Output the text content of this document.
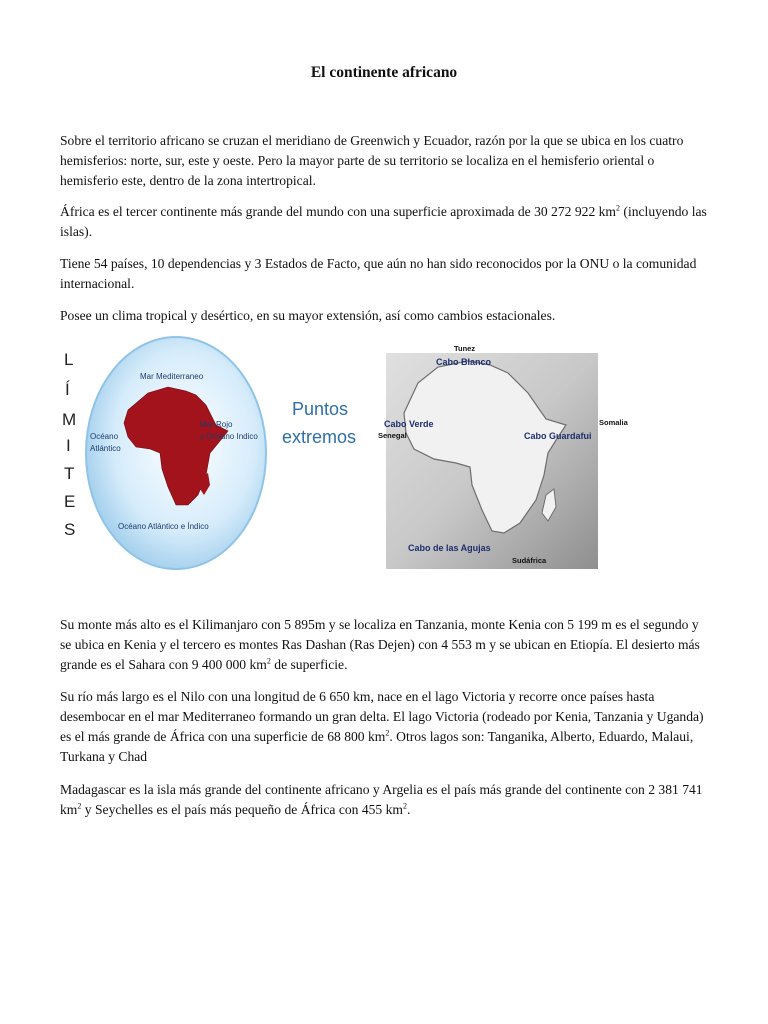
El continente africano

Sobre el territorio africano se cruzan el meridiano de Greenwich y Ecuador, razón por la que se ubica en los cuatro hemisferios: norte, sur, este y oeste. Pero la mayor parte de su territorio se localiza en el hemisferio oriental o hemisferio este, dentro de la zona intertropical.

África es el tercer continente más grande del mundo con una superficie aproximada de 30 272 922 $km^2$ (incluyendo las islas).

Tiene 54 países, 10 dependencias y 3 Estados de Facto, que aún no han sido reconocidos por la ONU o la comunidad internacional.

Posee un clima tropical y desértico, en su mayor extensión, así como cambios estacionales.

L
Í
M
I
T
E
S
Mar Mediterraneo
Mar Rojo
y Océano Indico
Océano
Atlántico
Océano Atlántico e Índico
Puntos
extremos
Cabo Blanco
Cabo Verde
Cabo Guardafui
Cabo de las Agujas
Tunez
Senegal
Somalia
Sudáfrica

Su monte más alto es el Kilimanjaro con 5 895m y se localiza en Tanzania, monte Kenia con 5 199 m es el segundo y se ubica en Kenia y el tercero es montes Ras Dashan (Ras Dejen) con 4 553 m y se ubican en Etiopía. El desierto más grande es el Sahara con 9 400 000 $km^2$ de superficie.

Su río más largo es el Nilo con una longitud de 6 650 km, nace en el lago Victoria y recorre once países hasta desembocar en el mar Mediterraneo formando un gran delta. El lago Victoria (rodeado por Kenia, Tanzania y Uganda) es el más grande de África con una superficie de 68 800 $km^2$. Otros lagos son: Tanganika, Alberto, Eduardo, Malaui, Turkana y Chad

Madagascar es la isla más grande del continente africano y Argelia es el país más grande del continente con 2 381 741 $km^2$ y Seychelles es el país más pequeño de África con 455 $km^2$.
